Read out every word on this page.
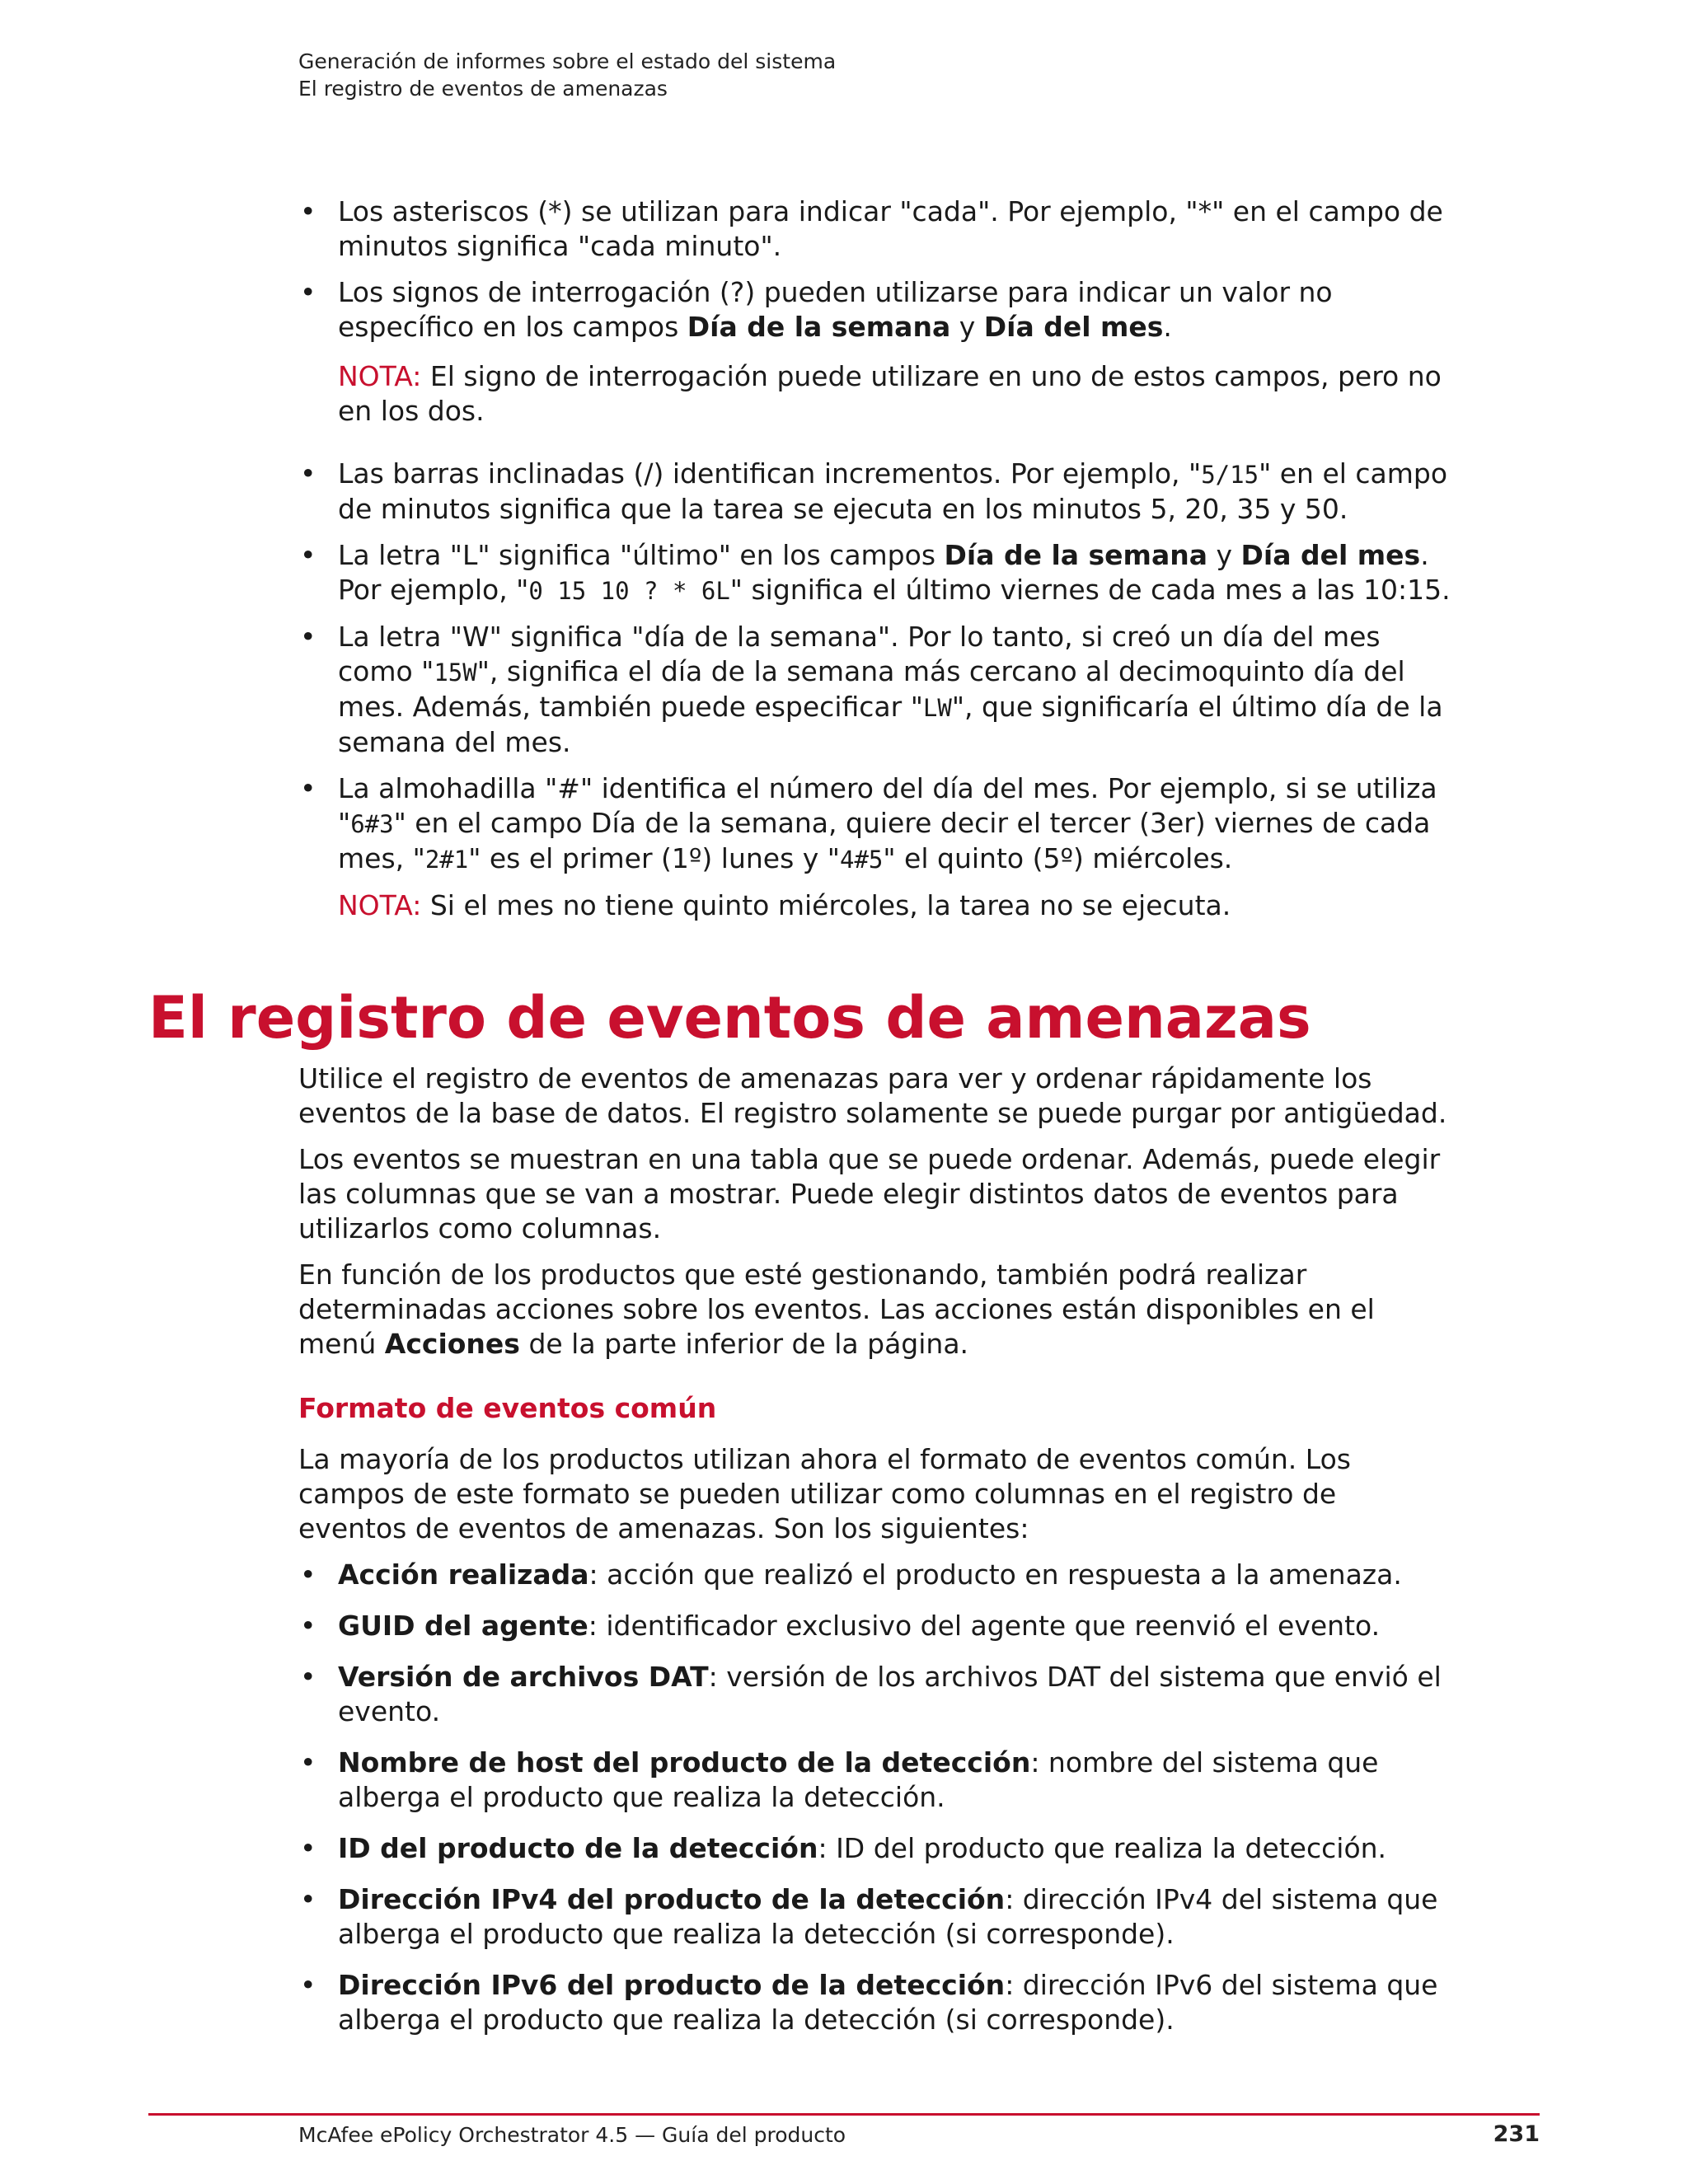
Generación de informes sobre el estado del sistema
El registro de eventos de amenazas
• Los asteriscos (*) se utilizan para indicar "cada". Por ejemplo, "*" en el campo de minutos significa "cada minuto".
• Los signos de interrogación (?) pueden utilizarse para indicar un valor no específico en los campos Día de la semana y Día del mes.
NOTA: El signo de interrogación puede utilizare en uno de estos campos, pero no en los dos.
• Las barras inclinadas (/) identifican incrementos. Por ejemplo, "5/15" en el campo de minutos significa que la tarea se ejecuta en los minutos 5, 20, 35 y 50.
• La letra "L" significa "último" en los campos Día de la semana y Día del mes. Por ejemplo, "0 15 10 ? * 6L" significa el último viernes de cada mes a las 10:15.
• La letra "W" significa "día de la semana". Por lo tanto, si creó un día del mes como "15W", significa el día de la semana más cercano al decimoquinto día del mes. Además, también puede especificar "LW", que significaría el último día de la semana del mes.
• La almohadilla "#" identifica el número del día del mes. Por ejemplo, si se utiliza "6#3" en el campo Día de la semana, quiere decir el tercer (3er) viernes de cada mes, "2#1" es el primer (1º) lunes y "4#5" el quinto (5º) miércoles.
NOTA: Si el mes no tiene quinto miércoles, la tarea no se ejecuta.
El registro de eventos de amenazas

Utilice el registro de eventos de amenazas para ver y ordenar rápidamente los eventos de la base de datos. El registro solamente se puede purgar por antigüedad.

Los eventos se muestran en una tabla que se puede ordenar. Además, puede elegir las columnas que se van a mostrar. Puede elegir distintos datos de eventos para utilizarlos como columnas.

En función de los productos que esté gestionando, también podrá realizar determinadas acciones sobre los eventos. Las acciones están disponibles en el menú Acciones de la parte inferior de la página.

Formato de eventos común

La mayoría de los productos utilizan ahora el formato de eventos común. Los campos de este formato se pueden utilizar como columnas en el registro de eventos de eventos de amenazas. Son los siguientes:

• Acción realizada: acción que realizó el producto en respuesta a la amenaza.
• GUID del agente: identificador exclusivo del agente que reenvió el evento.
• Versión de archivos DAT: versión de los archivos DAT del sistema que envió el evento.
• Nombre de host del producto de la detección: nombre del sistema que alberga el producto que realiza la detección.
• ID del producto de la detección: ID del producto que realiza la detección.
• Dirección IPv4 del producto de la detección: dirección IPv4 del sistema que alberga el producto que realiza la detección (si corresponde).
• Dirección IPv6 del producto de la detección: dirección IPv6 del sistema que alberga el producto que realiza la detección (si corresponde).
McAfee ePolicy Orchestrator 4.5 — Guía del producto	231
